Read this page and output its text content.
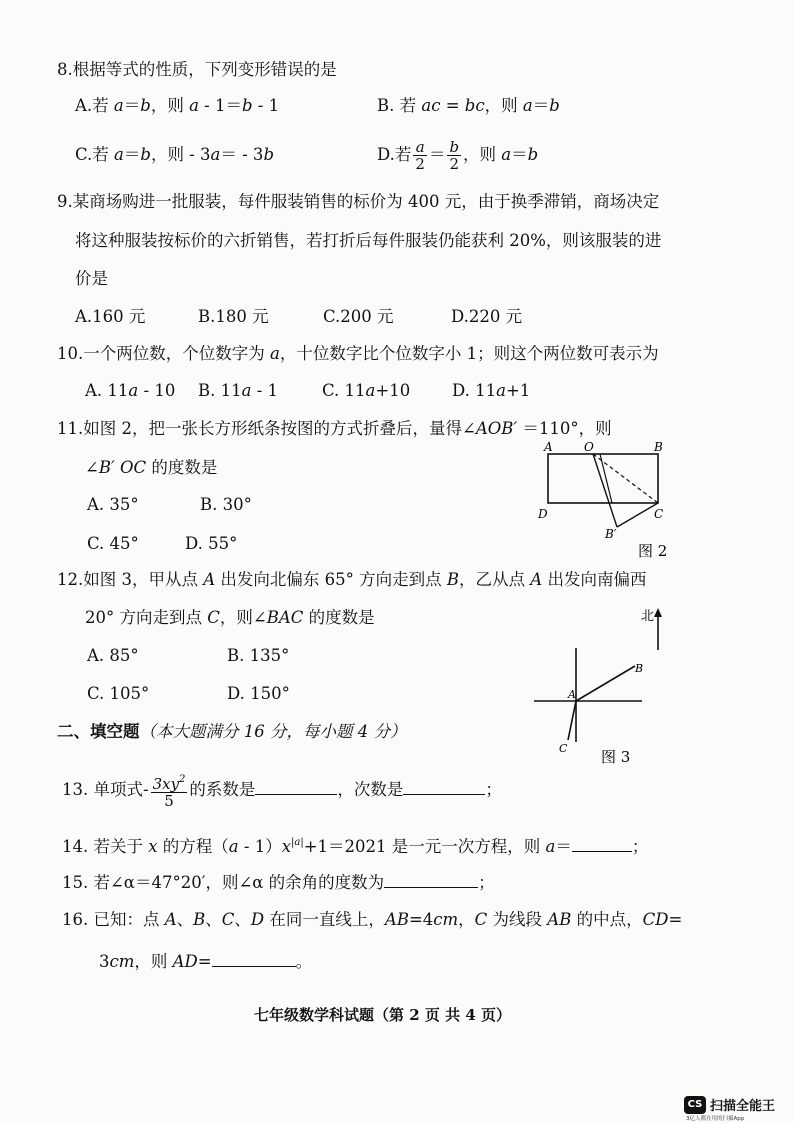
8.根据等式的性质，下列变形错误的是
A.若 a＝b，则 a - 1＝b - 1	B. 若 ac = bc，则 a＝b
C.若 a＝b，则 - 3a＝ - 3b	D.若 $\frac{a}{2} = \frac{b}{2}$ ，则 a＝b
9.某商场购进一批服装，每件服装销售的标价为 400 元，由于换季滞销，商场决定
将这种服装按标价的六折销售，若打折后每件服装仍能获利 20%，则该服装的进
价是
A.160 元	B.180 元	C.200 元	D.220 元
10.一个两位数，个位数字为 a，十位数字比个位数字小 1；则这个两位数可表示为
A. 11a - 10 B. 11a - 1	C. 11a+10	D. 11a+1
11.如图 2，把一张长方形纸条按图的方式折叠后，量得∠AOB′ ＝110°，则
∠B′ OC 的度数是
A. 35°	B. 30°
C. 45°	D. 55°
A	O	B
D	C
B′
图 2
12.如图 3，甲从点 A 出发向北偏东 65° 方向走到点 B，乙从点 A 出发向南偏西
20° 方向走到点 C，则∠BAC 的度数是
A. 85°	B. 135°
C. 105°	D. 150°
北
A
B
C 图 3
二、填空题（本大题满分 16 分，每小题 4 分）
13. 单项式- $\frac{3xy^2}{5}$ 的系数是	，次数是	；
14. 若关于 x 的方程$(a - 1)x^{|a|}+1=2021$ 是一元一次方程，则 a＝	；
15. 若∠α＝47°20′，则∠α 的余角的度数为	；
16. 已知：点 A、B、C、D 在同一直线上，AB=4cm，C 为线段 AB 的中点，CD=
3cm，则 AD=	。
七年级数学科试题（第 2 页 共 4 页）
CS 扫描全能王
3亿人都在用的扫描App
